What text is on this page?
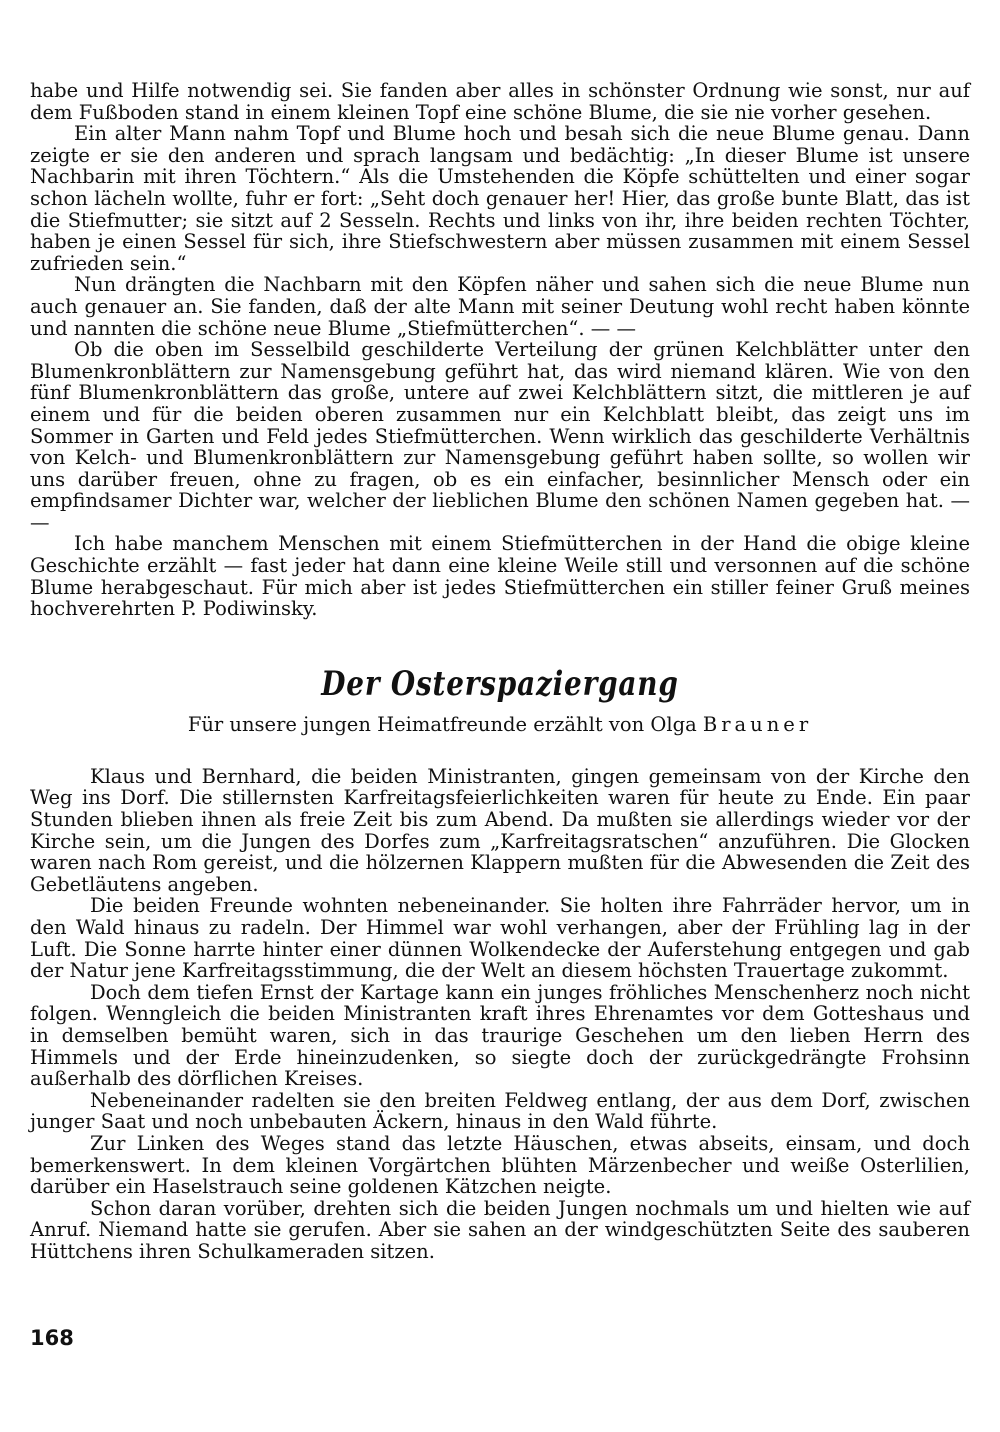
habe und Hilfe notwendig sei. Sie fanden aber alles in schönster Ordnung wie sonst, nur auf dem Fußboden stand in einem kleinen Topf eine schöne Blume, die sie nie vorher gesehen.

Ein alter Mann nahm Topf und Blume hoch und besah sich die neue Blume genau. Dann zeigte er sie den anderen und sprach langsam und bedächtig: „In dieser Blume ist unsere Nachbarin mit ihren Töchtern.“ Als die Umstehenden die Köpfe schüttelten und einer sogar schon lächeln wollte, fuhr er fort: „Seht doch genauer her! Hier, das große bunte Blatt, das ist die Stiefmutter; sie sitzt auf 2 Sesseln. Rechts und links von ihr, ihre beiden rechten Töchter, haben je einen Sessel für sich, ihre Stiefschwestern aber müssen zusammen mit einem Sessel zufrieden sein.“

Nun drängten die Nachbarn mit den Köpfen näher und sahen sich die neue Blume nun auch genauer an. Sie fanden, daß der alte Mann mit seiner Deutung wohl recht haben könnte und nannten die schöne neue Blume „Stiefmütterchen“. — —

Ob die oben im Sesselbild geschilderte Verteilung der grünen Kelchblätter unter den Blumenkronblättern zur Namensgebung geführt hat, das wird niemand klären. Wie von den fünf Blumenkronblättern das große, untere auf zwei Kelchblättern sitzt, die mittleren je auf einem und für die beiden oberen zusammen nur ein Kelchblatt bleibt, das zeigt uns im Sommer in Garten und Feld jedes Stiefmütterchen. Wenn wirklich das geschilderte Verhältnis von Kelch- und Blumenkronblättern zur Namensgebung geführt haben sollte, so wollen wir uns darüber freuen, ohne zu fragen, ob es ein einfacher, besinnlicher Mensch oder ein empfindsamer Dichter war, welcher der lieblichen Blume den schönen Namen gegeben hat. — —

Ich habe manchem Menschen mit einem Stiefmütterchen in der Hand die obige kleine Geschichte erzählt — fast jeder hat dann eine kleine Weile still und versonnen auf die schöne Blume herabgeschaut. Für mich aber ist jedes Stiefmütterchen ein stiller feiner Gruß meines hochverehrten P. Podiwinsky.

Der Osterspaziergang
Für unsere jungen Heimatfreunde erzählt von Olga Brauner

Klaus und Bernhard, die beiden Ministranten, gingen gemeinsam von der Kirche den Weg ins Dorf. Die stillernsten Karfreitagsfeierlichkeiten waren für heute zu Ende. Ein paar Stunden blieben ihnen als freie Zeit bis zum Abend. Da mußten sie allerdings wieder vor der Kirche sein, um die Jungen des Dorfes zum „Karfreitagsratschen“ anzuführen. Die Glocken waren nach Rom gereist, und die hölzernen Klappern mußten für die Abwesenden die Zeit des Gebetläutens angeben.

Die beiden Freunde wohnten nebeneinander. Sie holten ihre Fahrräder hervor, um in den Wald hinaus zu radeln. Der Himmel war wohl verhangen, aber der Frühling lag in der Luft. Die Sonne harrte hinter einer dünnen Wolkendecke der Auferstehung entgegen und gab der Natur jene Karfreitagsstimmung, die der Welt an diesem höchsten Trauertage zukommt.

Doch dem tiefen Ernst der Kartage kann ein junges fröhliches Menschenherz noch nicht folgen. Wenngleich die beiden Ministranten kraft ihres Ehrenamtes vor dem Gotteshaus und in demselben bemüht waren, sich in das traurige Geschehen um den lieben Herrn des Himmels und der Erde hineinzudenken, so siegte doch der zurückgedrängte Frohsinn außerhalb des dörflichen Kreises.

Nebeneinander radelten sie den breiten Feldweg entlang, der aus dem Dorf, zwischen junger Saat und noch unbebauten Äckern, hinaus in den Wald führte.

Zur Linken des Weges stand das letzte Häuschen, etwas abseits, einsam, und doch bemerkenswert. In dem kleinen Vorgärtchen blühten Märzenbecher und weiße Osterlilien, darüber ein Haselstrauch seine goldenen Kätzchen neigte.

Schon daran vorüber, drehten sich die beiden Jungen nochmals um und hielten wie auf Anruf. Niemand hatte sie gerufen. Aber sie sahen an der windgeschützten Seite des sauberen Hüttchens ihren Schulkameraden sitzen.

168
